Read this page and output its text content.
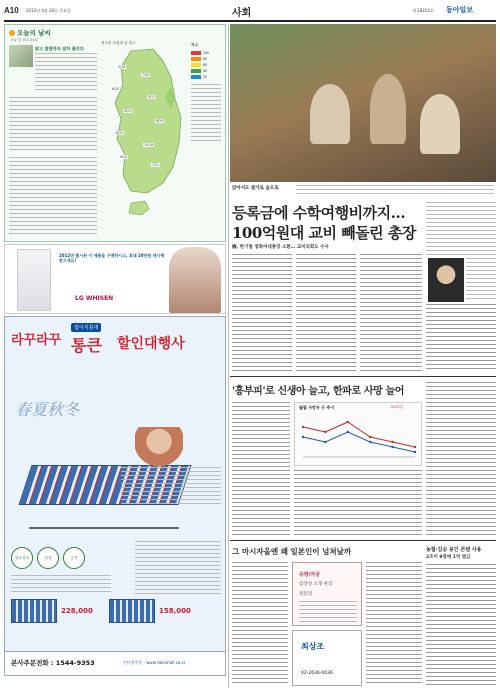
A10 2012년 4월 26일 목요일	사회	제 28224호 동아일보
오늘의 날씨
오늘 낮 최고 24도
맑고 쌀쌀하다 점차 풀리다
전국의 아침과 낮 최고
5/16
7/22
6/20
5/21
9/23
6/24
8/22
10/19
9/24
7/21
지수
100
80
60
40
20
2012년 출시된 이 제품을 구매하시고, 최대 20만원 캐시백 받으세요!
LG WHISEN
라꾸라꾸
접이식침대
통큰 할인대행사
春夏秋冬
냉무침대	화재	공격
228,000	158,000
본사주문전화 : 1544-9353	인터넷주문 : www.rakumall.co.kr
앉아서도 클가로 숲으로
등록금에 수학여행비까지…
100억원대 교비 빼돌린 총장
檢, 한기범 청화여대총장 소환… 교비외회도 수사
'흥부피'로 신생아 늘고, 한파로 사망 늘어
월별 사망자 수 추이	2012년
그 마시자을엔 왜 일본인이 넘쳐날까
유방/자궁
갑상선 오래 관리
전문의
최상조
02-2636-0036
농협·김승 용인 콘텐 사용
2조이 9명에 1억 벌금
